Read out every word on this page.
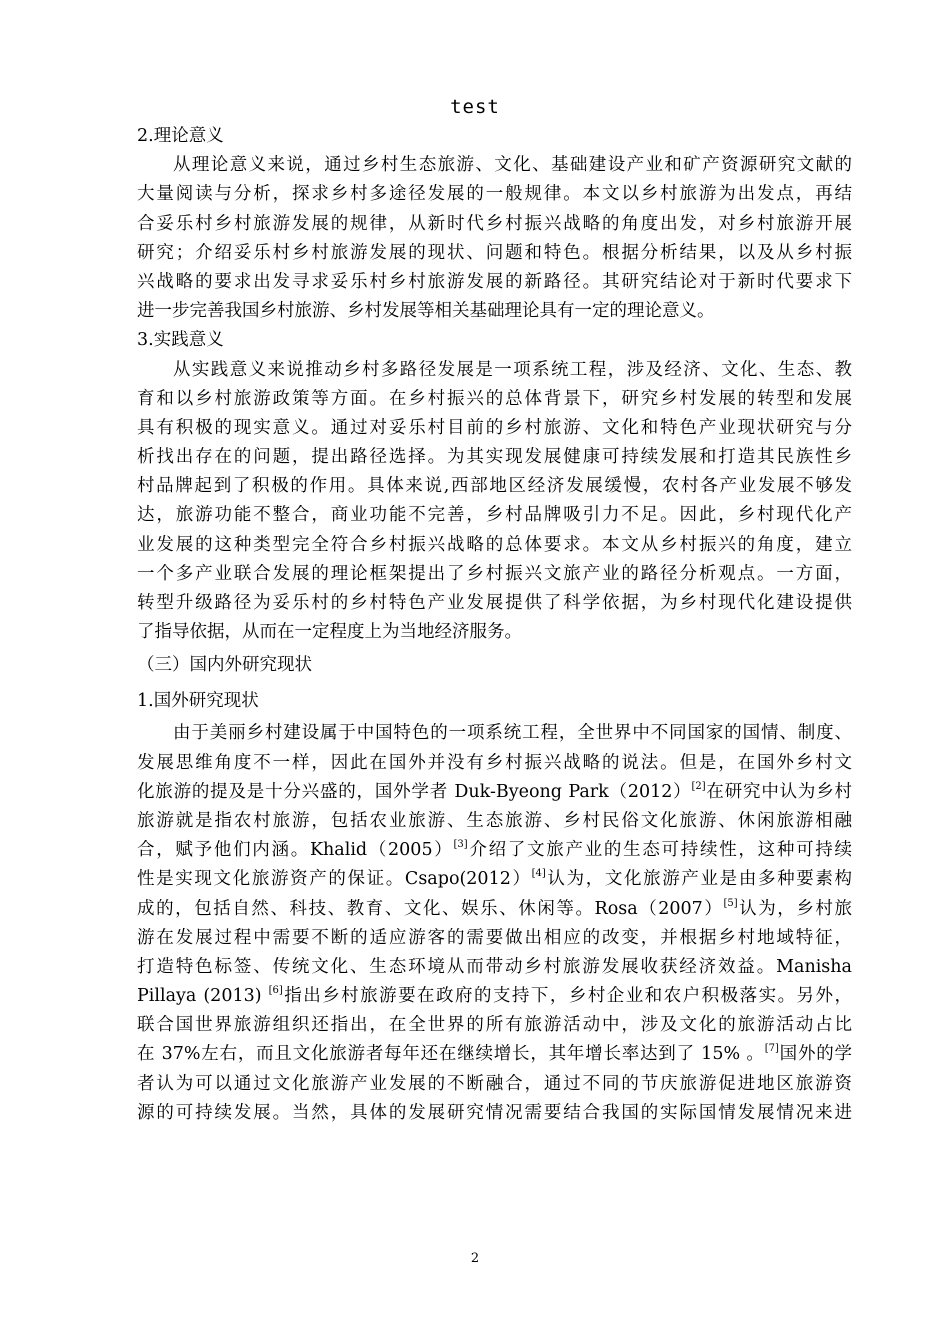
test
2.理论意义
从理论意义来说，通过乡村生态旅游、文化、基础建设产业和矿产资源研究文献的
大量阅读与分析，探求乡村多途径发展的一般规律。本文以乡村旅游为出发点，再结
合妥乐村乡村旅游发展的规律，从新时代乡村振兴战略的角度出发，对乡村旅游开展
研究；介绍妥乐村乡村旅游发展的现状、问题和特色。根据分析结果，以及从乡村振
兴战略的要求出发寻求妥乐村乡村旅游发展的新路径。其研究结论对于新时代要求下
进一步完善我国乡村旅游、乡村发展等相关基础理论具有一定的理论意义。
3.实践意义
从实践意义来说推动乡村多路径发展是一项系统工程，涉及经济、文化、生态、教
育和以乡村旅游政策等方面。在乡村振兴的总体背景下，研究乡村发展的转型和发展
具有积极的现实意义。通过对妥乐村目前的乡村旅游、文化和特色产业现状研究与分
析找出存在的问题，提出路径选择。为其实现发展健康可持续发展和打造其民族性乡
村品牌起到了积极的作用。具体来说,西部地区经济发展缓慢，农村各产业发展不够发
达，旅游功能不整合，商业功能不完善，乡村品牌吸引力不足。因此，乡村现代化产
业发展的这种类型完全符合乡村振兴战略的总体要求。本文从乡村振兴的角度，建立
一个多产业联合发展的理论框架提出了乡村振兴文旅产业的路径分析观点。一方面，
转型升级路径为妥乐村的乡村特色产业发展提供了科学依据，为乡村现代化建设提供
了指导依据，从而在一定程度上为当地经济服务。
（三）国内外研究现状
1.国外研究现状
由于美丽乡村建设属于中国特色的一项系统工程，全世界中不同国家的国情、制度、
发展思维角度不一样，因此在国外并没有乡村振兴战略的说法。但是，在国外乡村文
化旅游的提及是十分兴盛的，国外学者 Duk-Byeong Park（2012）[2]在研究中认为乡村
旅游就是指农村旅游，包括农业旅游、生态旅游、乡村民俗文化旅游、休闲旅游相融
合，赋予他们内涵。Khalid（2005）[3]介绍了文旅产业的生态可持续性，这种可持续
性是实现文化旅游资产的保证。Csapo(2012）[4]认为，文化旅游产业是由多种要素构
成的，包括自然、科技、教育、文化、娱乐、休闲等。Rosa（2007）[5]认为，乡村旅
游在发展过程中需要不断的适应游客的需要做出相应的改变，并根据乡村地域特征，
打造特色标签、传统文化、生态环境从而带动乡村旅游发展收获经济效益。Manisha
Pillaya (2013) [6]指出乡村旅游要在政府的支持下，乡村企业和农户积极落实。另外，
联合国世界旅游组织还指出，在全世界的所有旅游活动中，涉及文化的旅游活动占比
在 37%左右，而且文化旅游者每年还在继续增长，其年增长率达到了 15% 。[7]国外的学
者认为可以通过文化旅游产业发展的不断融合，通过不同的节庆旅游促进地区旅游资
源的可持续发展。当然，具体的发展研究情况需要结合我国的实际国情发展情况来进
2
